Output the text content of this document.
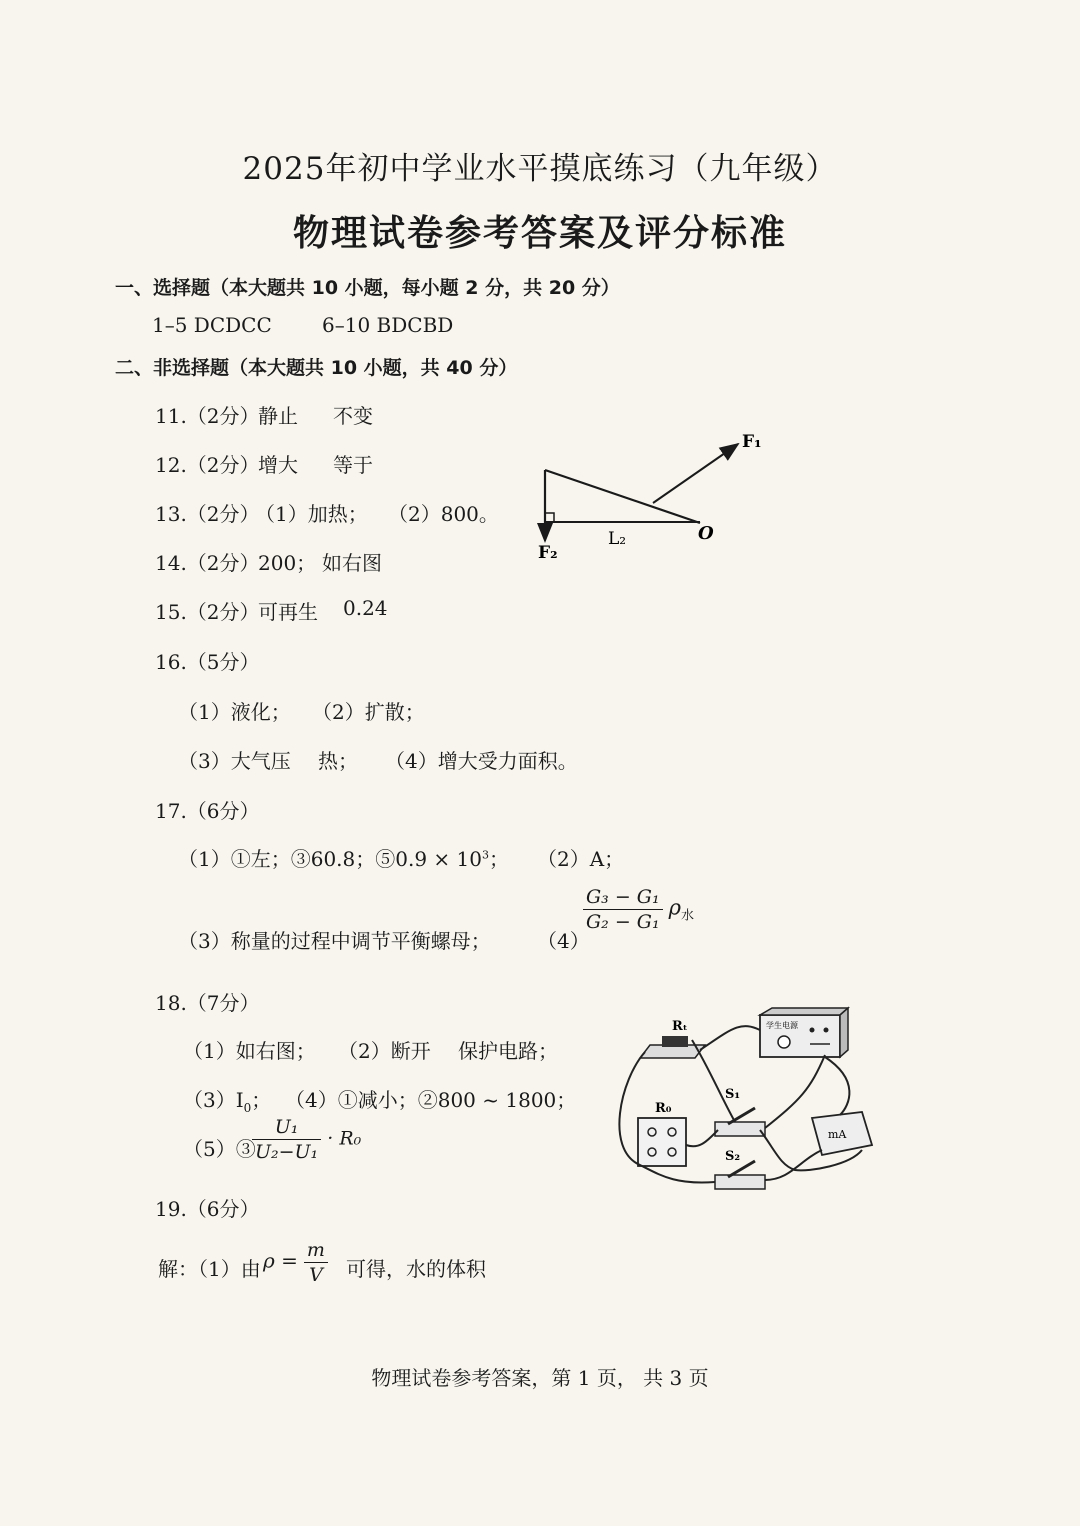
2025年初中学业水平摸底练习（九年级）
物理试卷参考答案及评分标准
一、选择题（本大题共 10 小题，每小题 2 分，共 20 分）
1–5 DCDCC	6–10 BDCBD
二、非选择题（本大题共 10 小题，共 40 分）
11.（2分）
静止 不变
12.（2分）
增大 等于
13.（2分）
（1）加热； （2）800。
14.（2分）
200； 如右图
F₁
F₂
L₂	O
15.（2分）
可再生 0.24
16.（5分）
（1）液化； （2）扩散；
（3）大气压 热； （4）增大受力面积。
17.（6分）
（1）①左；③60.8；⑤0.9 × $10^3$； （2）A；
（3）称量的过程中调节平衡螺母； （4）
$\frac{\text{G₃ − G₁}}{\text{G₂ − G₁}} \rho_水$
18.（7分）
（1）如右图； （2）断开 保护电路；
$(3)I_0$； （4）①减小；②800 ~ 1800；
（5）③
$\frac{\text{U₁}}{\text{U₂−U₁}} \cdot R_0$
Rₜ	学生电源
R₀
S₁
S₂
mA
19.（6分）
解：（1）由 $\rho = \frac{m}{V}$ 可得，水的体积
物理试卷参考答案，第 1 页， 共 3 页
